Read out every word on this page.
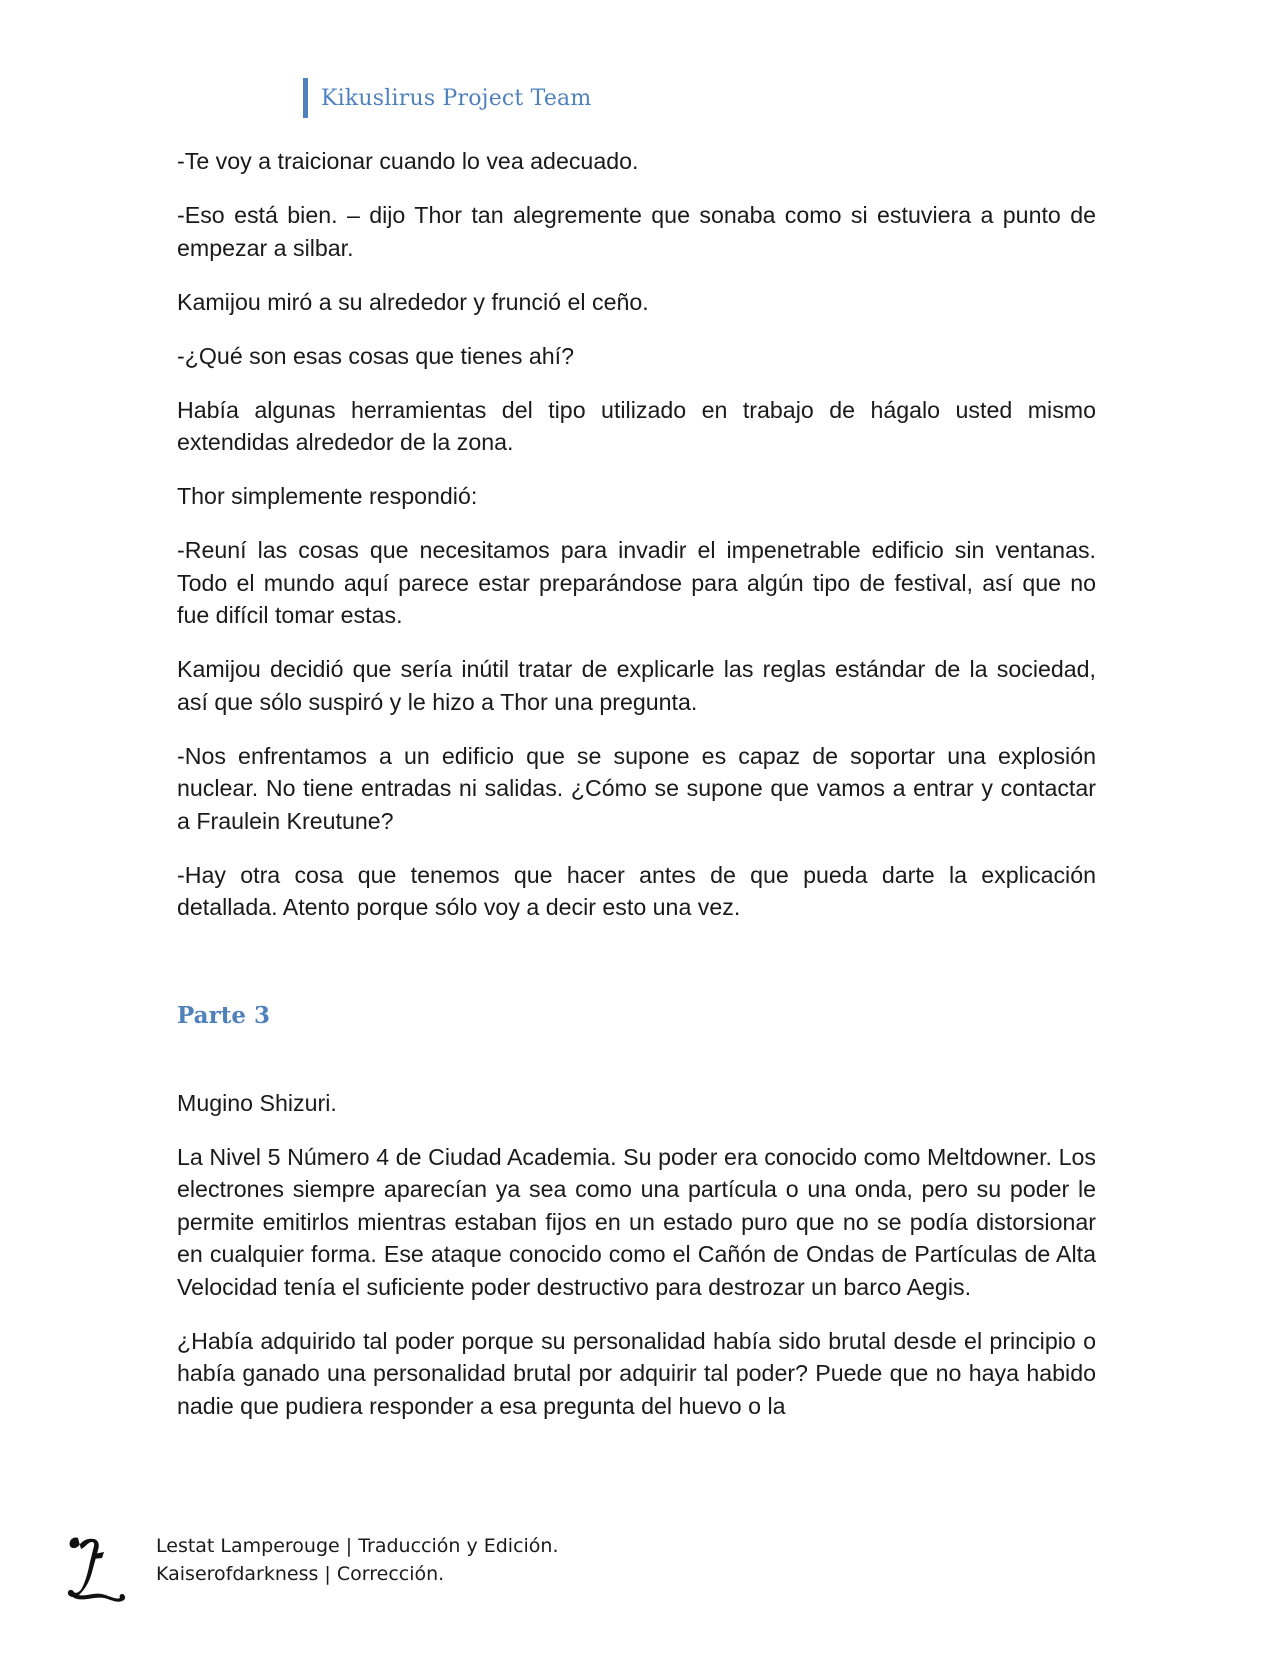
Kikuslirus Project Team

-Te voy a traicionar cuando lo vea adecuado.

-Eso está bien. – dijo Thor tan alegremente que sonaba como si estuviera a punto de empezar a silbar.

Kamijou miró a su alrededor y frunció el ceño.

-¿Qué son esas cosas que tienes ahí?

Había algunas herramientas del tipo utilizado en trabajo de hágalo usted mismo extendidas alrededor de la zona.

Thor simplemente respondió:

-Reuní las cosas que necesitamos para invadir el impenetrable edificio sin ventanas. Todo el mundo aquí parece estar preparándose para algún tipo de festival, así que no fue difícil tomar estas.

Kamijou decidió que sería inútil tratar de explicarle las reglas estándar de la sociedad, así que sólo suspiró y le hizo a Thor una pregunta.

-Nos enfrentamos a un edificio que se supone es capaz de soportar una explosión nuclear. No tiene entradas ni salidas. ¿Cómo se supone que vamos a entrar y contactar a Fraulein Kreutune?

-Hay otra cosa que tenemos que hacer antes de que pueda darte la explicación detallada. Atento porque sólo voy a decir esto una vez.

Parte 3

Mugino Shizuri.

La Nivel 5 Número 4 de Ciudad Academia. Su poder era conocido como Meltdowner. Los electrones siempre aparecían ya sea como una partícula o una onda, pero su poder le permite emitirlos mientras estaban fijos en un estado puro que no se podía distorsionar en cualquier forma. Ese ataque conocido como el Cañón de Ondas de Partículas de Alta Velocidad tenía el suficiente poder destructivo para destrozar un barco Aegis.

¿Había adquirido tal poder porque su personalidad había sido brutal desde el principio o había ganado una personalidad brutal por adquirir tal poder? Puede que no haya habido nadie que pudiera responder a esa pregunta del huevo o la

Lestat Lamperouge | Traducción y Edición.
Kaiserofdarkness | Corrección.
